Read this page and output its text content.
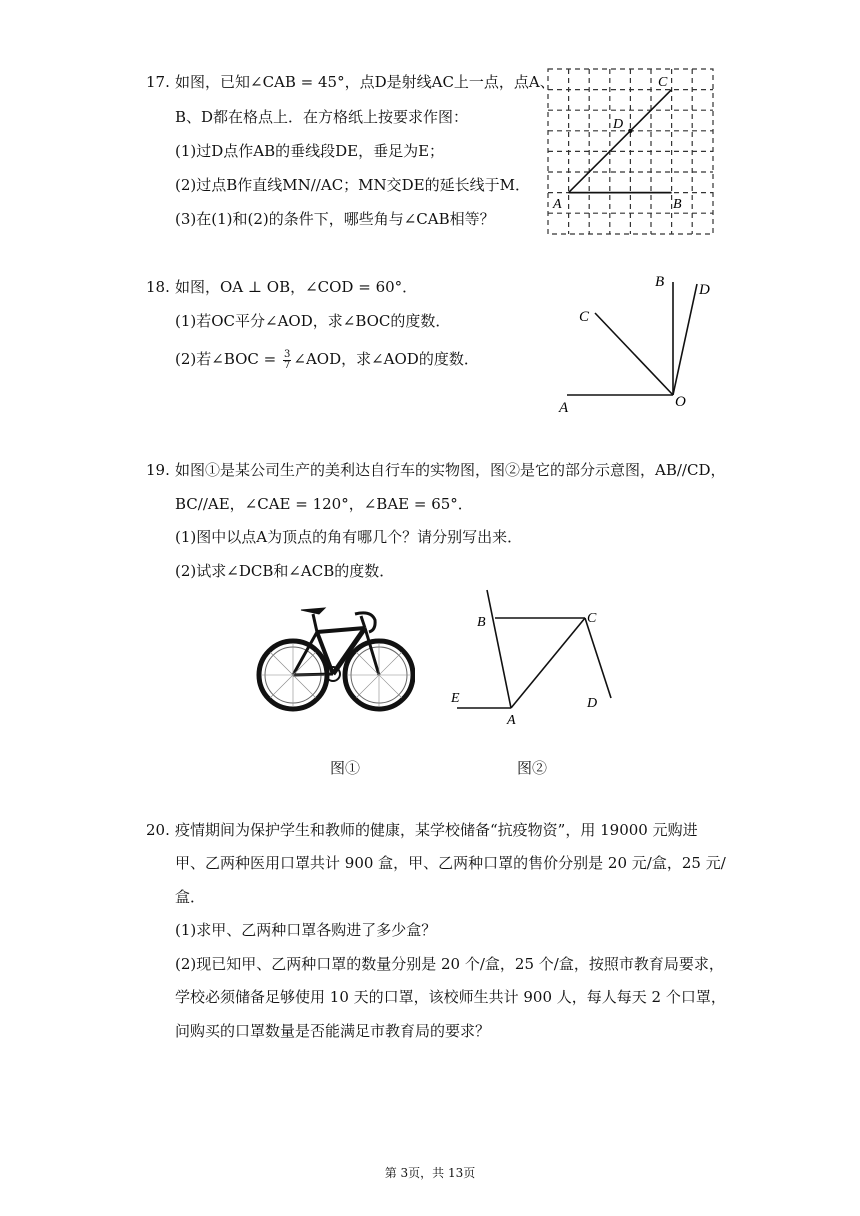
17. 如图，已知∠CAB = 45°，点D是射线AC上一点，点A、
B、D都在格点上．在方格纸上按要求作图：
(1)过D点作AB的垂线段DE，垂足为E；
(2)过点B作直线MN//AC；MN交DE的延长线于M．
(3)在(1)和(2)的条件下，哪些角与∠CAB相等？
A	B
C
D
18. 如图，OA ⊥ OB，∠COD = 60°．
(1)若OC平分∠AOD，求∠BOC的度数．
(2)若∠BOC = $\frac{3}{7}$ ∠AOD，求∠AOD的度数．
A	O
B
C
D
19. 如图①是某公司生产的美利达自行车的实物图，图②是它的部分示意图，AB//CD，
BC//AE，∠CAE = 120°，∠BAE = 65°．
(1)图中以点A为顶点的角有哪几个？请分别写出来．
(2)试求∠DCB和∠ACB的度数．
B	C
E
A
D
图①	图②
20. 疫情期间为保护学生和教师的健康，某学校储备“抗疫物资”，用 19000 元购进
甲、乙两种医用口罩共计 900 盒，甲、乙两种口罩的售价分别是 20 元/盒，25 元/
盒．
(1)求甲、乙两种口罩各购进了多少盒？
(2)现已知甲、乙两种口罩的数量分别是 20 个/盒，25 个/盒，按照市教育局要求，
学校必须储备足够使用 10 天的口罩，该校师生共计 900 人，每人每天 2 个口罩，
问购买的口罩数量是否能满足市教育局的要求？
第 3页，共 13页
